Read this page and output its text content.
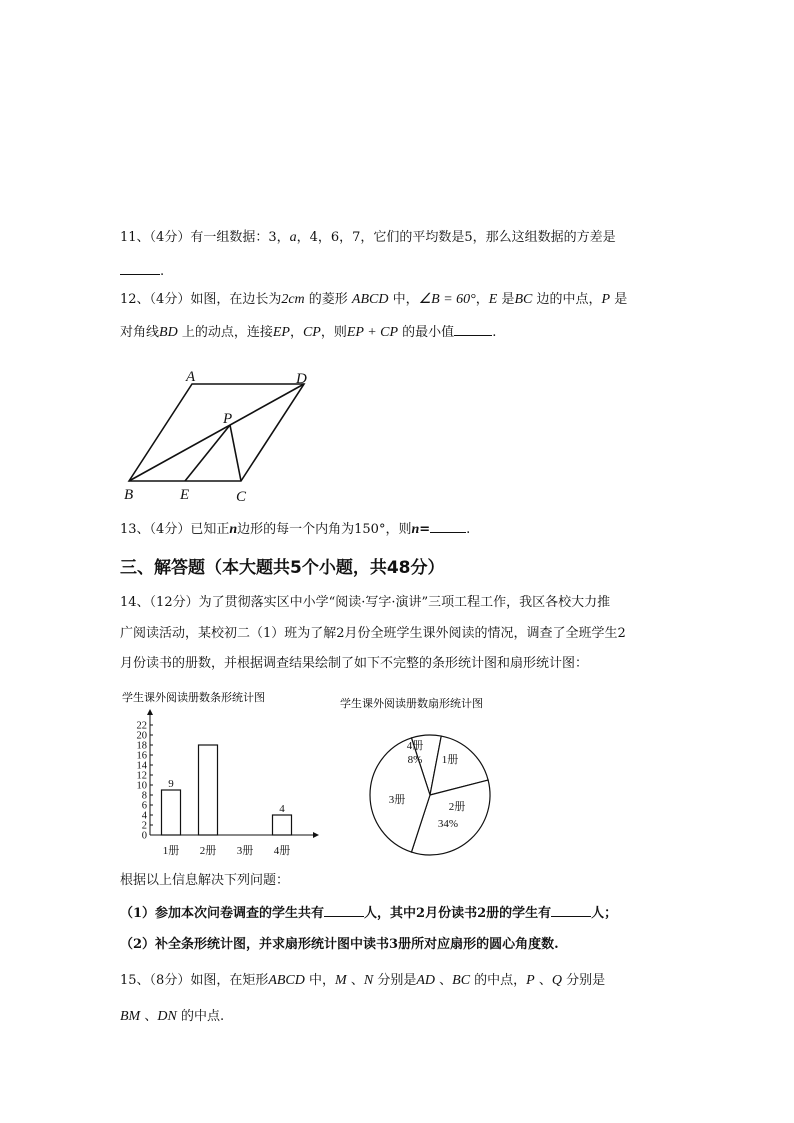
11、（4分）有一组数据：3，a，4，6，7，它们的平均数是5，那么这组数据的方差是
.
12、（4分）如图，在边长为2cm 的菱形 ABCD 中，∠B = 60°，E 是BC 边的中点，P 是
对角线BD 上的动点，连接EP，CP，则EP + CP 的最小值	.
A	D
P
B	E	C
13、（4分）已知正n边形的每一个内角为150°，则n=	.
三、解答题（本大题共5个小题，共48分）
14、（12分）为了贯彻落实区中小学“阅读·写字·演讲”三项工程工作，我区各校大力推
广阅读活动，某校初二（1）班为了解2月份全班学生课外阅读的情况，调查了全班学生2
月份读书的册数，并根据调查结果绘制了如下不完整的条形统计图和扇形统计图：
学生课外阅读册数条形统计图
0
2
4
6
8
10
12
14
16
18
20
22
9
1册 2册 3册
4
4册
学生课外阅读册数扇形统计图
4册
8% 1册
2册
34%
3册
根据以上信息解决下列问题：
（1）参加本次问卷调查的学生共有	人，其中2月份读书2册的学生有	人；
（2）补全条形统计图，并求扇形统计图中读书3册所对应扇形的圆心角度数.
15、（8分）如图，在矩形ABCD 中，M 、N 分别是AD 、BC 的中点，P 、Q 分别是
BM 、DN 的中点.
